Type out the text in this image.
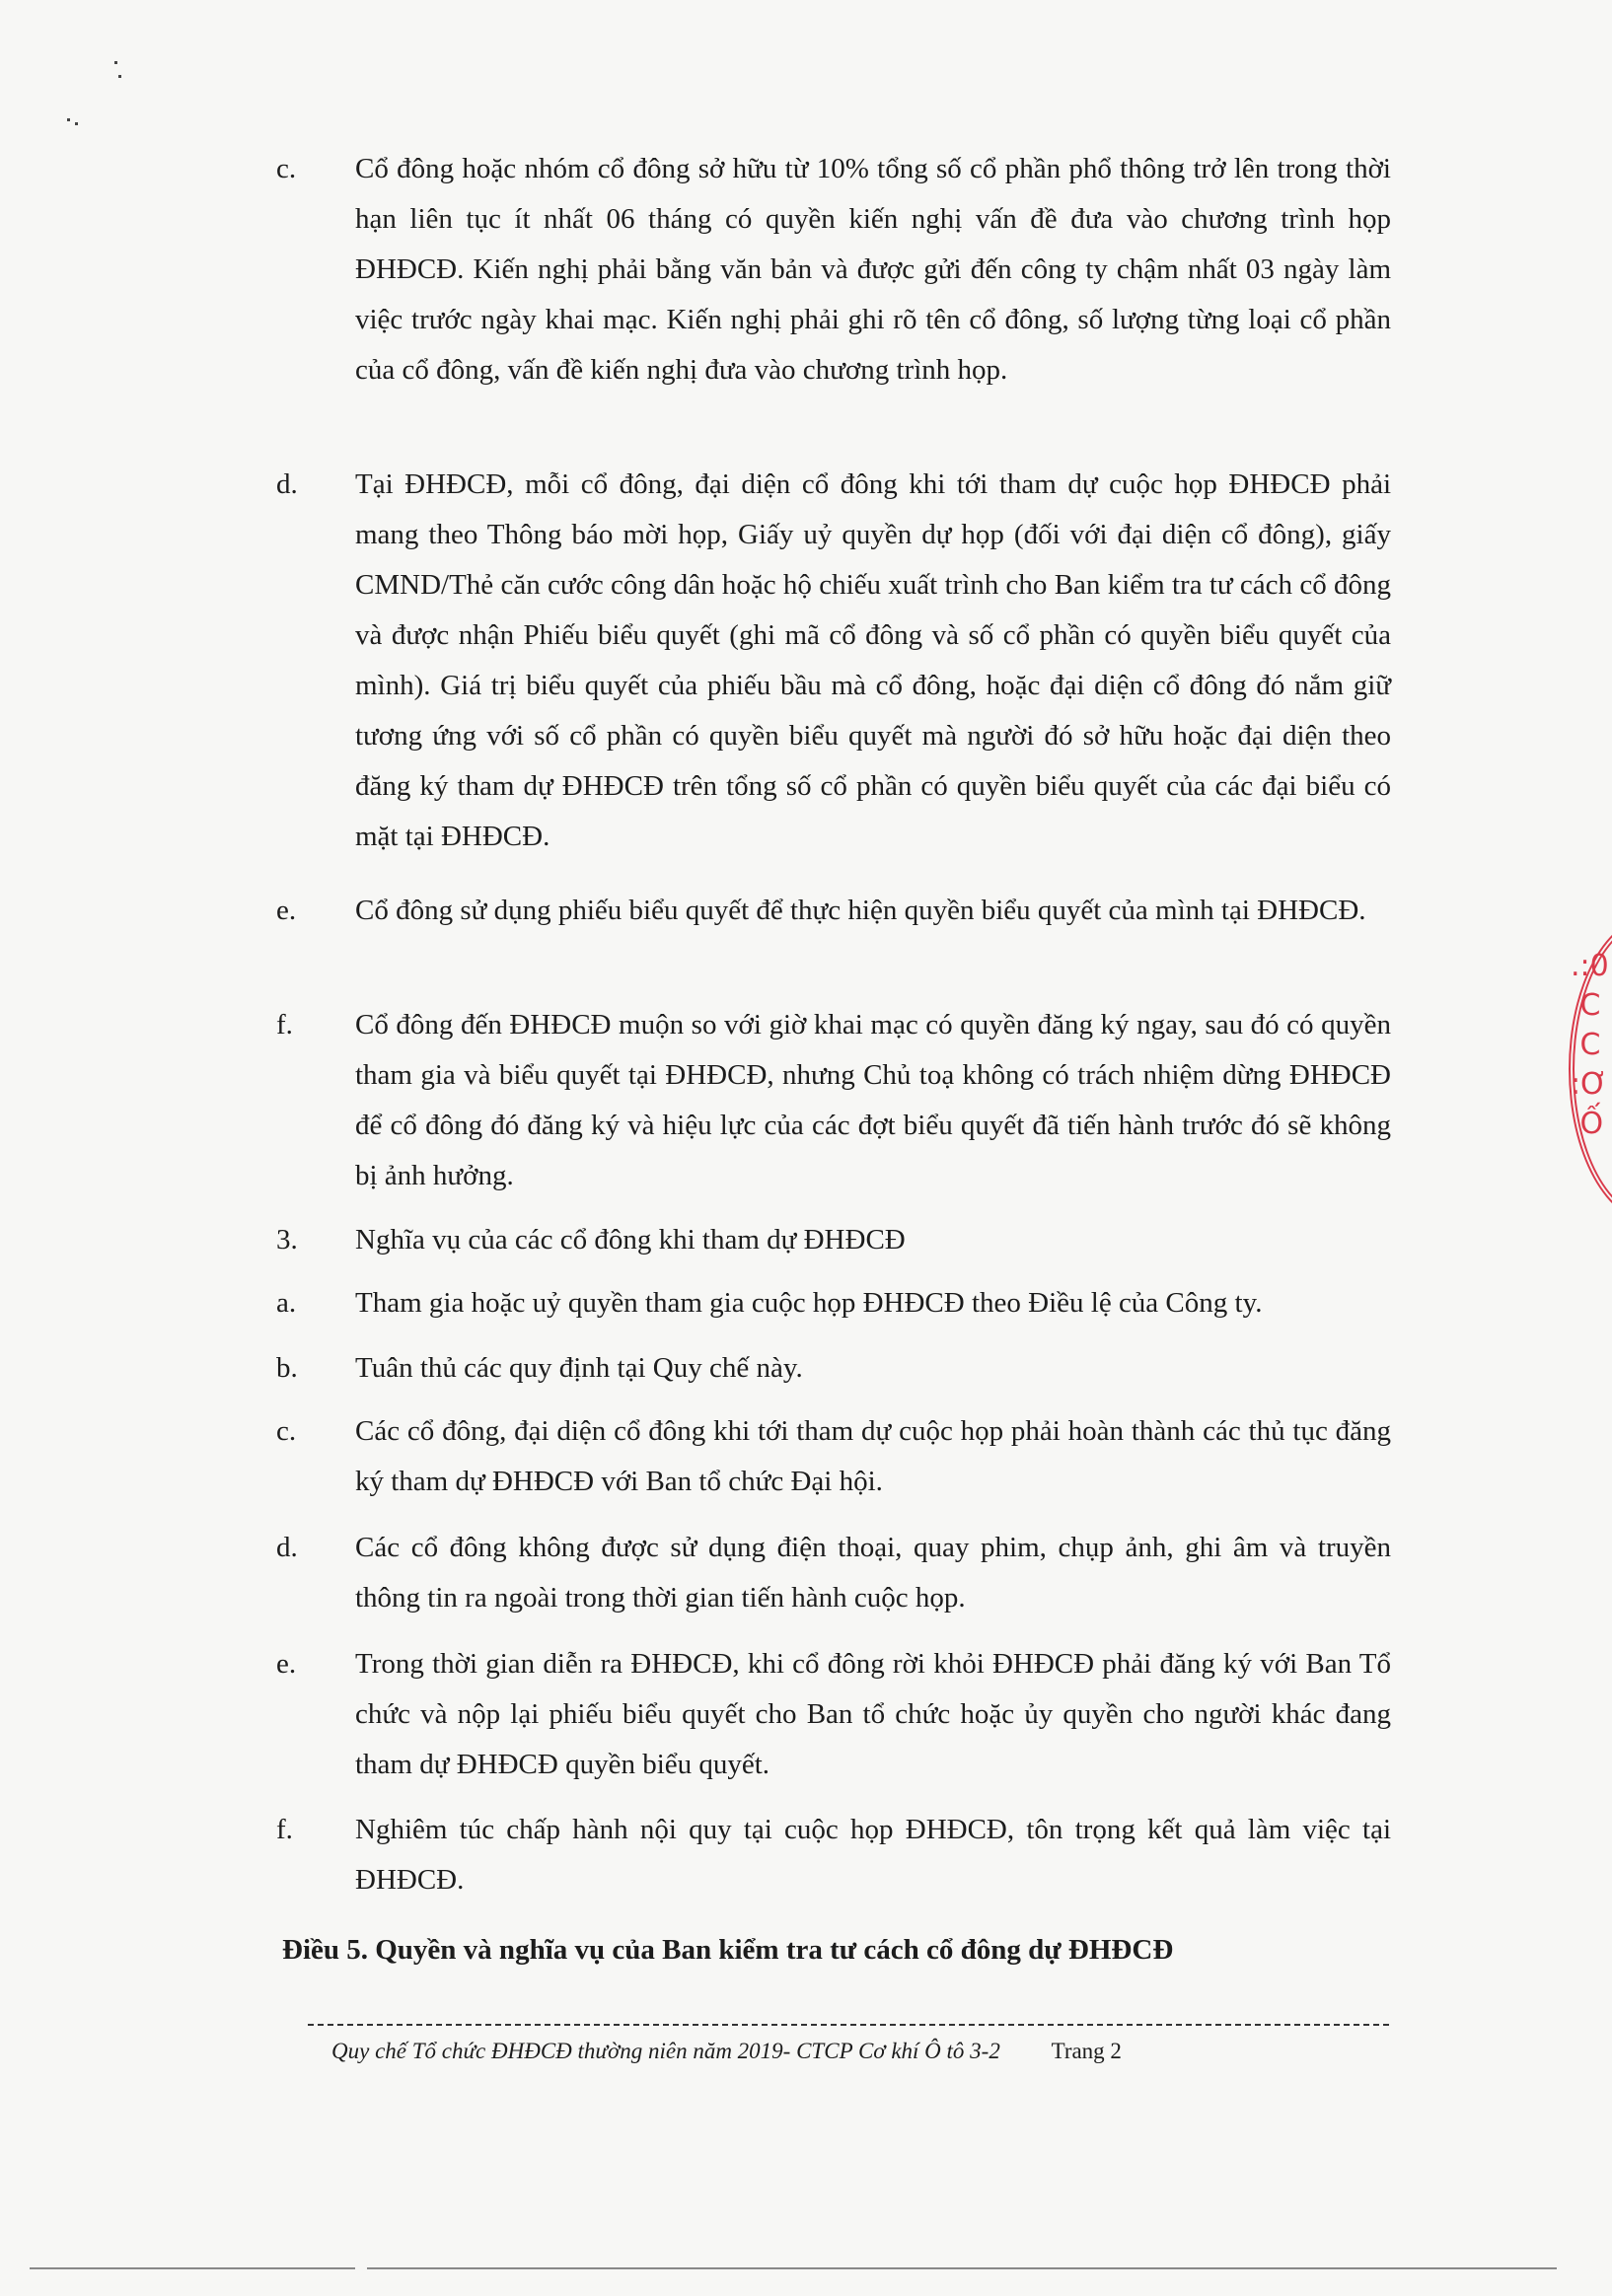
c. Cổ đông hoặc nhóm cổ đông sở hữu từ 10% tổng số cổ phần phổ thông trở lên trong thời hạn liên tục ít nhất 06 tháng có quyền kiến nghị vấn đề đưa vào chương trình họp ĐHĐCĐ. Kiến nghị phải bằng văn bản và được gửi đến công ty chậm nhất 03 ngày làm việc trước ngày khai mạc. Kiến nghị phải ghi rõ tên cổ đông, số lượng từng loại cổ phần của cổ đông, vấn đề kiến nghị đưa vào chương trình họp.
d. Tại ĐHĐCĐ, mỗi cổ đông, đại diện cổ đông khi tới tham dự cuộc họp ĐHĐCĐ phải mang theo Thông báo mời họp, Giấy uỷ quyền dự họp (đối với đại diện cổ đông), giấy CMND/Thẻ căn cước công dân hoặc hộ chiếu xuất trình cho Ban kiểm tra tư cách cổ đông và được nhận Phiếu biểu quyết (ghi mã cổ đông và số cổ phần có quyền biểu quyết của mình). Giá trị biểu quyết của phiếu bầu mà cổ đông, hoặc đại diện cổ đông đó nắm giữ tương ứng với số cổ phần có quyền biểu quyết mà người đó sở hữu hoặc đại diện theo đăng ký tham dự ĐHĐCĐ trên tổng số cổ phần có quyền biểu quyết của các đại biểu có mặt tại ĐHĐCĐ.
e. Cổ đông sử dụng phiếu biểu quyết để thực hiện quyền biểu quyết của mình tại ĐHĐCĐ.
f. Cổ đông đến ĐHĐCĐ muộn so với giờ khai mạc có quyền đăng ký ngay, sau đó có quyền tham gia và biểu quyết tại ĐHĐCĐ, nhưng Chủ toạ không có trách nhiệm dừng ĐHĐCĐ để cổ đông đó đăng ký và hiệu lực của các đợt biểu quyết đã tiến hành trước đó sẽ không bị ảnh hưởng.
3. Nghĩa vụ của các cổ đông khi tham dự ĐHĐCĐ
a. Tham gia hoặc uỷ quyền tham gia cuộc họp ĐHĐCĐ theo Điều lệ của Công ty.
b. Tuân thủ các quy định tại Quy chế này.
c. Các cổ đông, đại diện cổ đông khi tới tham dự cuộc họp phải hoàn thành các thủ tục đăng ký tham dự ĐHĐCĐ với Ban tổ chức Đại hội.
d. Các cổ đông không được sử dụng điện thoại, quay phim, chụp ảnh, ghi âm và truyền thông tin ra ngoài trong thời gian tiến hành cuộc họp.
e. Trong thời gian diễn ra ĐHĐCĐ, khi cổ đông rời khỏi ĐHĐCĐ phải đăng ký với Ban Tổ chức và nộp lại phiếu biểu quyết cho Ban tổ chức hoặc ủy quyền cho người khác đang tham dự ĐHĐCĐ quyền biểu quyết.
f. Nghiêm túc chấp hành nội quy tại cuộc họp ĐHĐCĐ, tôn trọng kết quả làm việc tại ĐHĐCĐ.
Điều 5. Quyền và nghĩa vụ của Ban kiểm tra tư cách cổ đông dự ĐHĐCĐ
Quy chế Tổ chức ĐHĐCĐ thường niên năm 2019- CTCP Cơ khí Ô tô 3-2 Trang 2
.:0
C
C
:Ơ
Ố
